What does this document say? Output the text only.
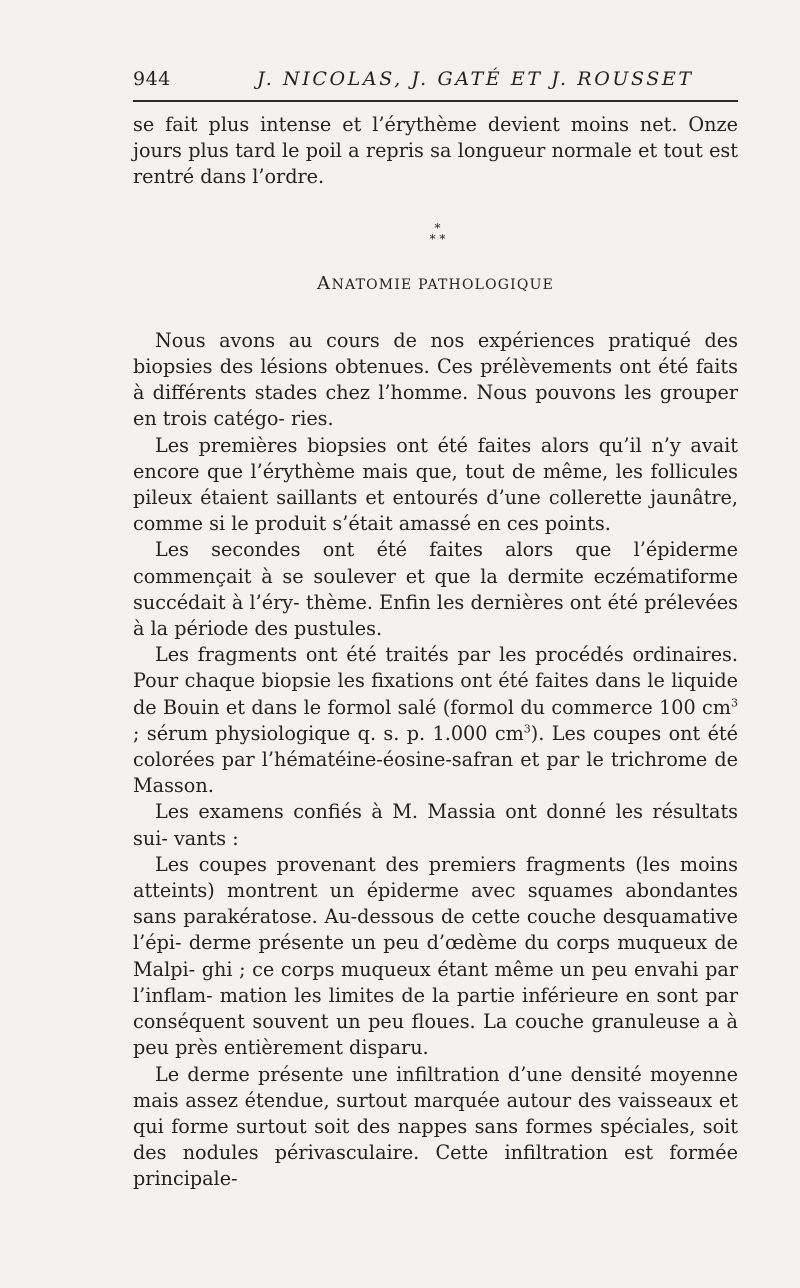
944	J. NICOLAS, J. GATÉ ET J. ROUSSET

se fait plus intense et l’érythème devient moins net. Onze jours plus tard le poil a repris sa longueur normale et tout est rentré dans l’ordre.

*
* *
ANATOMIE PATHOLOGIQUE

Nous avons au cours de nos expériences pratiqué des biopsies des lésions obtenues. Ces prélèvements ont été faits à différents stades chez l’homme. Nous pouvons les grouper en trois catégo- ries.

Les premières biopsies ont été faites alors qu’il n’y avait encore que l’érythème mais que, tout de même, les follicules pileux étaient saillants et entourés d’une collerette jaunâtre, comme si le produit s’était amassé en ces points.

Les secondes ont été faites alors que l’épiderme commençait à se soulever et que la dermite eczématiforme succédait à l’éry- thème. Enfin les dernières ont été prélevées à la période des pustules.

Les fragments ont été traités par les procédés ordinaires. Pour chaque biopsie les fixations ont été faites dans le liquide de Bouin et dans le formol salé (formol du commerce 100 $cm^3$ ; sérum physiologique q. s. p. 1.000 $cm^3$). Les coupes ont été colorées par l’hématéine-éosine-safran et par le trichrome de Masson.

Les examens confiés à M. Massia ont donné les résultats sui- vants :

Les coupes provenant des premiers fragments (les moins atteints) montrent un épiderme avec squames abondantes sans parakératose. Au-dessous de cette couche desquamative l’épi- derme présente un peu d’œdème du corps muqueux de Malpi- ghi ; ce corps muqueux étant même un peu envahi par l’inflam- mation les limites de la partie inférieure en sont par conséquent souvent un peu floues. La couche granuleuse a à peu près entièrement disparu.

Le derme présente une infiltration d’une densité moyenne mais assez étendue, surtout marquée autour des vaisseaux et qui forme surtout soit des nappes sans formes spéciales, soit des nodules périvasculaire. Cette infiltration est formée principale-
